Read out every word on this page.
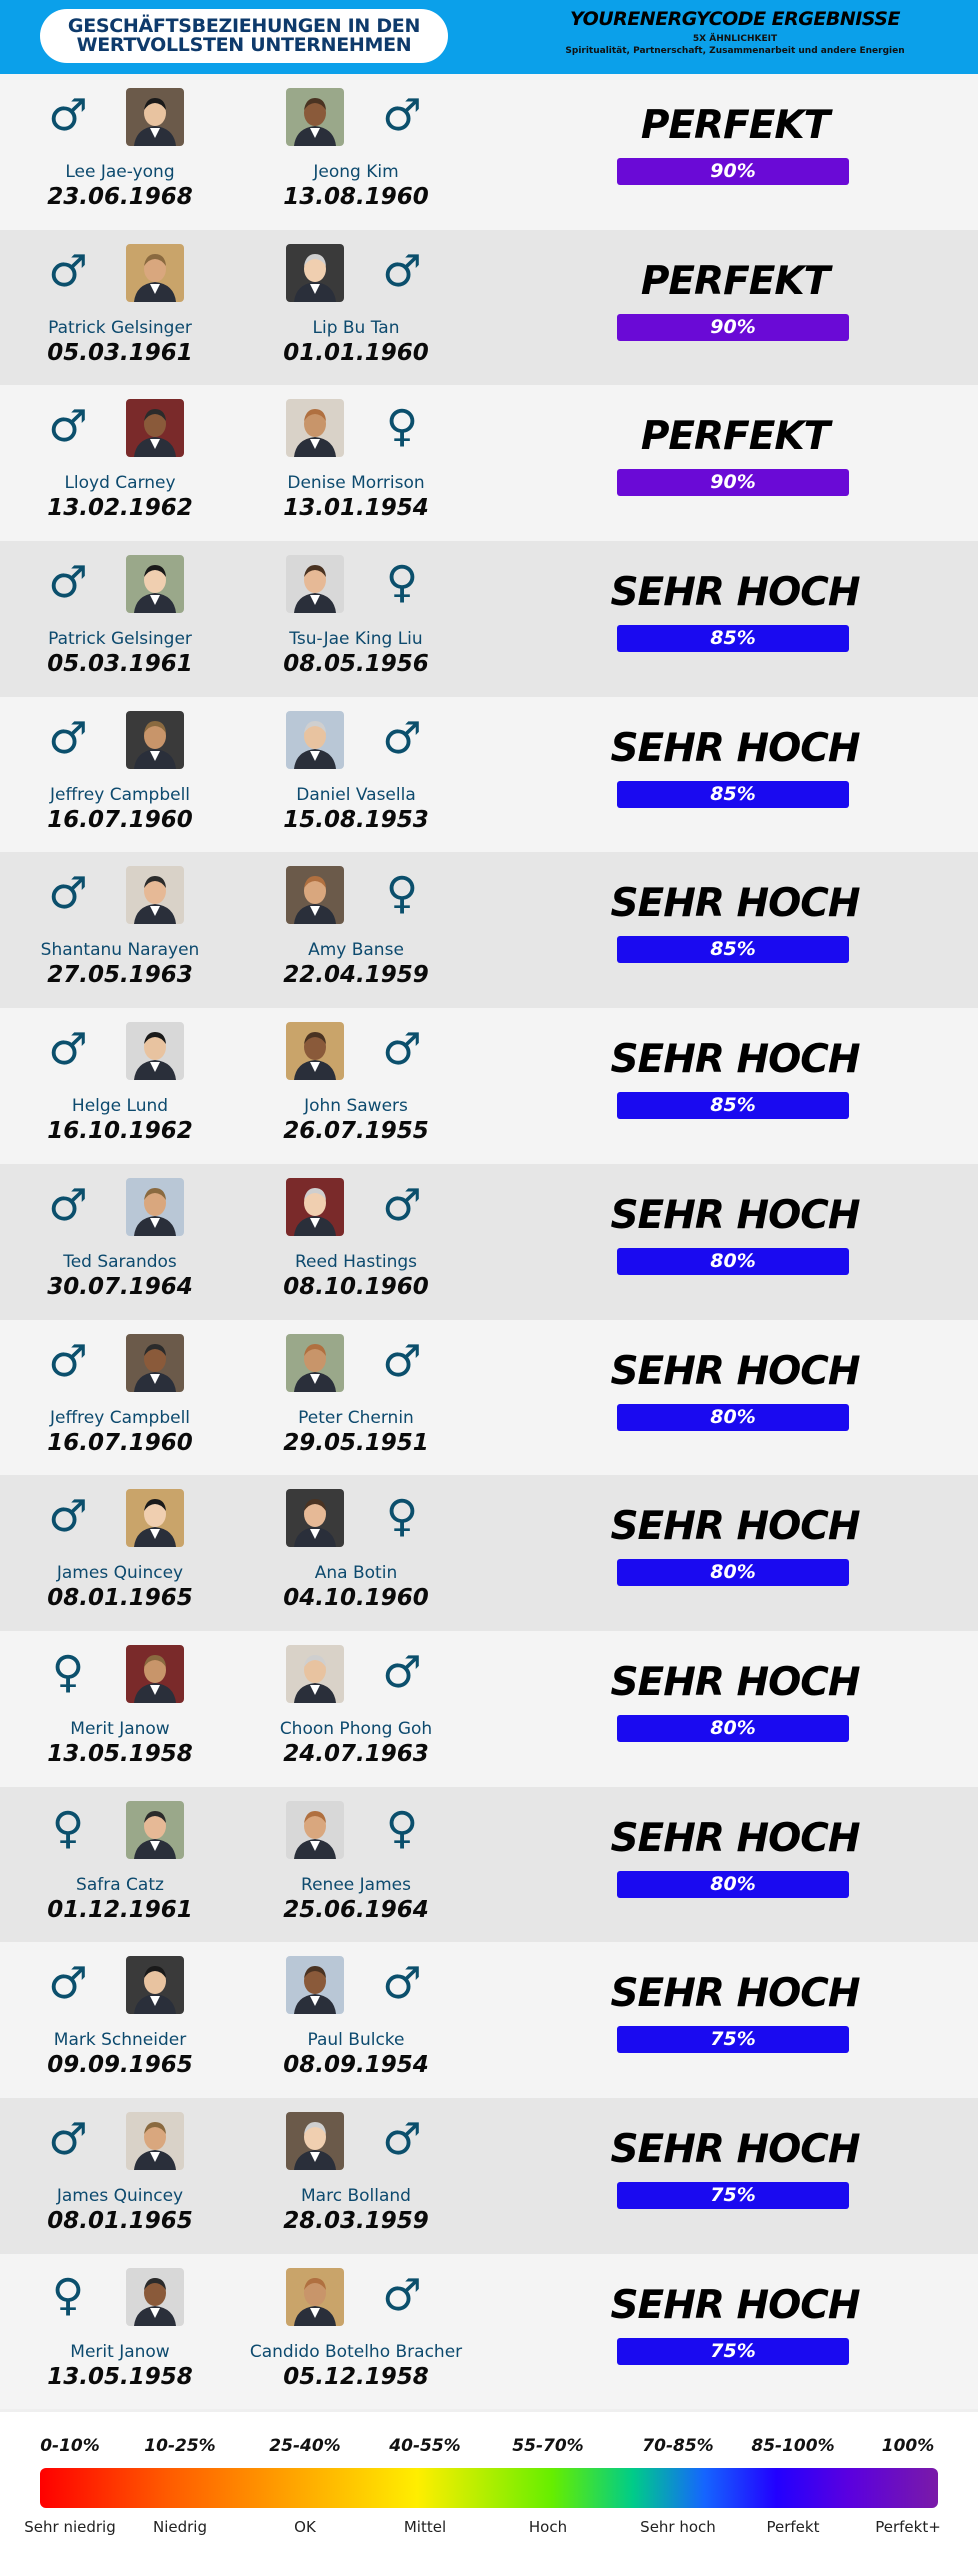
GESCHÄFTSBEZIEHUNGEN IN DEN
WERTVOLLSTEN UNTERNEHMEN
YOURENERGYCODE ERGEBNISSE
5X ÄHNLICHKEIT
Spiritualität, Partnerschaft, Zusammenarbeit und andere Energien
♂	♂
Lee Jae-yong
23.06.1968
Jeong Kim
13.08.1960
PERFEKT
90%
♂	♂
Patrick Gelsinger
05.03.1961
Lip Bu Tan
01.01.1960
PERFEKT
90%
♂	♀
Lloyd Carney
13.02.1962
Denise Morrison
13.01.1954
PERFEKT
90%
♂	♀
Patrick Gelsinger
05.03.1961
Tsu-Jae King Liu
08.05.1956
SEHR HOCH
85%
♂	♂
Jeffrey Campbell
16.07.1960
Daniel Vasella
15.08.1953
SEHR HOCH
85%
♂	♀
Shantanu Narayen
27.05.1963
Amy Banse
22.04.1959
SEHR HOCH
85%
♂	♂
Helge Lund
16.10.1962
John Sawers
26.07.1955
SEHR HOCH
85%
♂	♂
Ted Sarandos
30.07.1964
Reed Hastings
08.10.1960
SEHR HOCH
80%
♂	♂
Jeffrey Campbell
16.07.1960
Peter Chernin
29.05.1951
SEHR HOCH
80%
♂	♀
James Quincey
08.01.1965
Ana Botin
04.10.1960
SEHR HOCH
80%
♀	♂
Merit Janow
13.05.1958
Choon Phong Goh
24.07.1963
SEHR HOCH
80%
♀	♀
Safra Catz
01.12.1961
Renee James
25.06.1964
SEHR HOCH
80%
♂	♂
Mark Schneider
09.09.1965
Paul Bulcke
08.09.1954
SEHR HOCH
75%
♂	♂
James Quincey
08.01.1965
Marc Bolland
28.03.1959
SEHR HOCH
75%
♀	♂
Merit Janow
13.05.1958
Candido Botelho Bracher
05.12.1958
SEHR HOCH
75%
0-10%	10-25%	25-40%	40-55%	55-70%	70-85%	85-100%	100%
Sehr niedrig	Niedrig	OK	Mittel	Hoch	Sehr hoch	Perfekt	Perfekt+
